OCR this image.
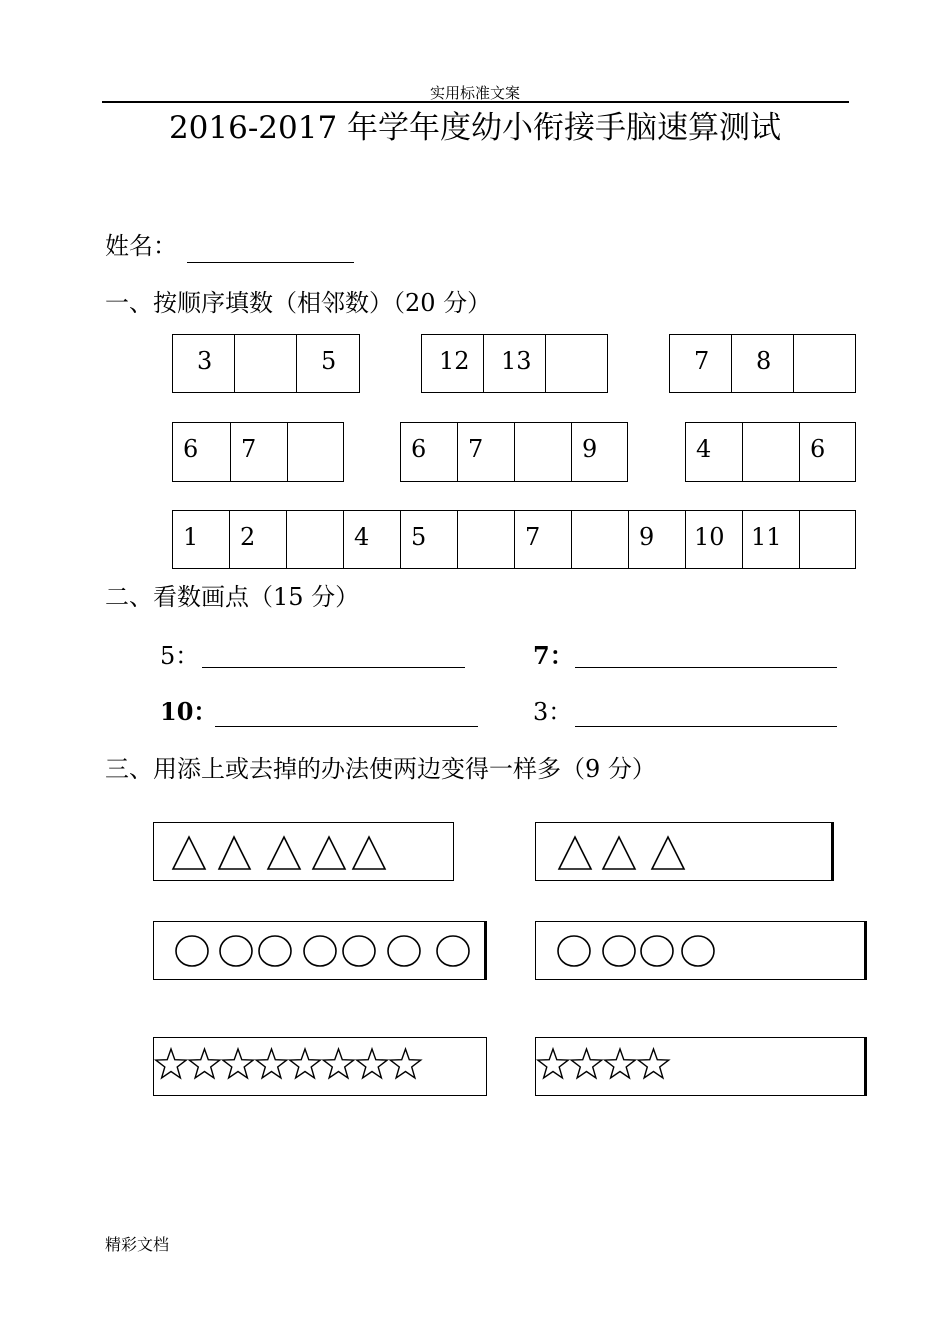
实用标准文案
2016-2017 年学年度幼小衔接手脑速算测试
姓名：
一、按顺序填数（相邻数）（20 分）
3	5	12	13	7	8
6	7	6	7	9	4	6
1	2	4	5	7	9	10	11
二、看数画点（15 分）
5：	7：
10：	3：
三、用添上或去掉的办法使两边变得一样多（9 分）
精彩文档
